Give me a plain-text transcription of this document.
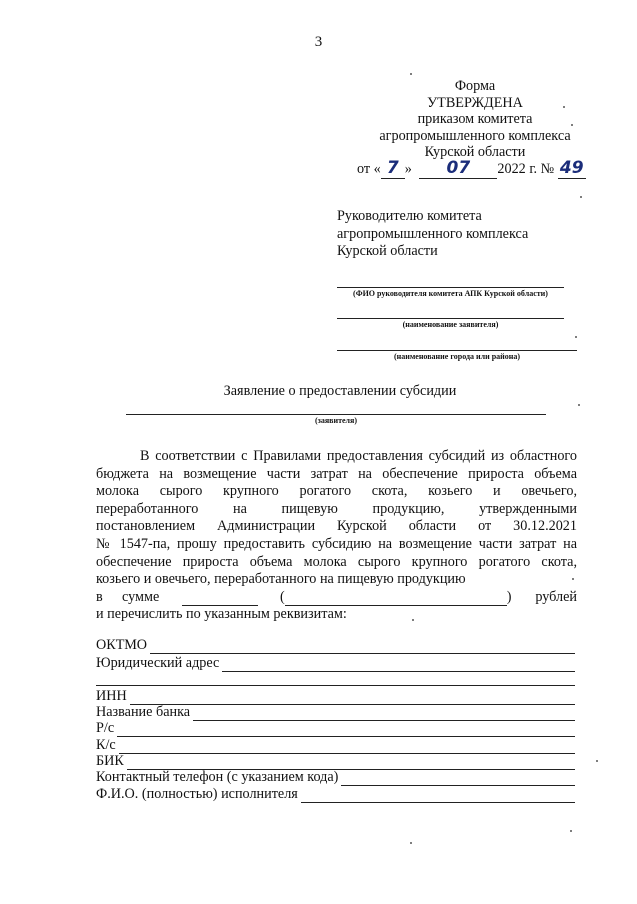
3
Форма
УТВЕРЖДЕНА
приказом комитета
агропромышленного комплекса
Курской области
от « 7 » 07 2022 г. № 49
Руководителю комитета
агропромышленного комплекса
Курской области
(ФИО руководителя комитета АПК Курской области)
(наименование заявителя)
(наименование города или района)
Заявление о предоставлении субсидии
(заявителя)
В соответствии с Правилами предоставления субсидий из областного
бюджета на возмещение части затрат на обеспечение прироста объема
молока сырого крупного рогатого скота, козьего и овечьего,
переработанного на пищевую продукцию, утвержденными
постановлением Администрации Курской области от 30.12.2021
№ 1547-па, прошу предоставить субсидию на возмещение части затрат на
обеспечение прироста объема молока сырого крупного рогатого скота,
козьего и овечьего, переработанного на пищевую продукцию
в	сумме	(	) рублей
и перечислить по указанным реквизитам:
ОКТМО
Юридический адрес
ИНН
Название банка
Р/с
К/с
БИК
Контактный телефон (с указанием кода)
Ф.И.О. (полностью) исполнителя
